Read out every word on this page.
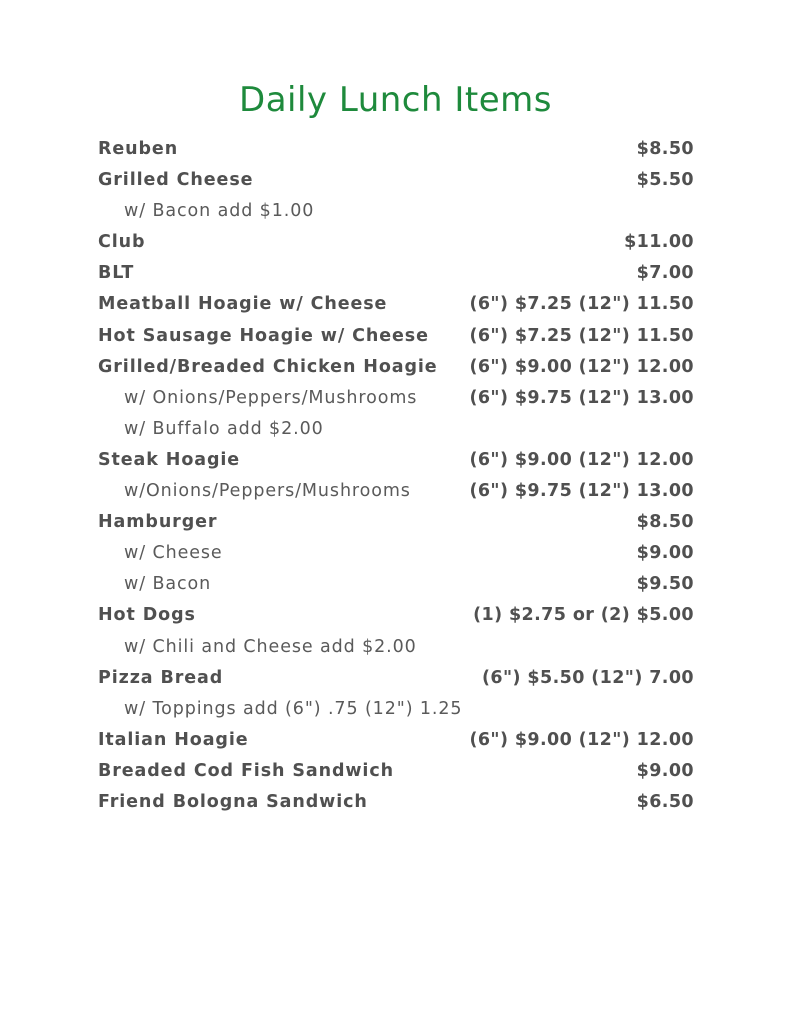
Daily Lunch Items
Reuben	$8.50
Grilled Cheese	$5.50
w/ Bacon add $1.00
Club	$11.00
BLT	$7.00
Meatball Hoagie w/ Cheese	(6") $7.25 (12") 11.50
Hot Sausage Hoagie w/ Cheese (6") $7.25 (12") 11.50
Grilled/Breaded Chicken Hoagie (6") $9.00 (12") 12.00
w/ Onions/Peppers/Mushrooms	(6") $9.75 (12") 13.00
w/ Buffalo add $2.00
Steak Hoagie	(6") $9.00 (12") 12.00
w/Onions/Peppers/Mushrooms	(6") $9.75 (12") 13.00
Hamburger	$8.50
w/ Cheese	$9.00
w/ Bacon	$9.50
Hot Dogs	(1) $2.75 or (2) $5.00
w/ Chili and Cheese add $2.00
Pizza Bread	(6") $5.50 (12") 7.00
w/ Toppings add (6") .75 (12") 1.25
Italian Hoagie	(6") $9.00 (12") 12.00
Breaded Cod Fish Sandwich	$9.00
Friend Bologna Sandwich	$6.50
